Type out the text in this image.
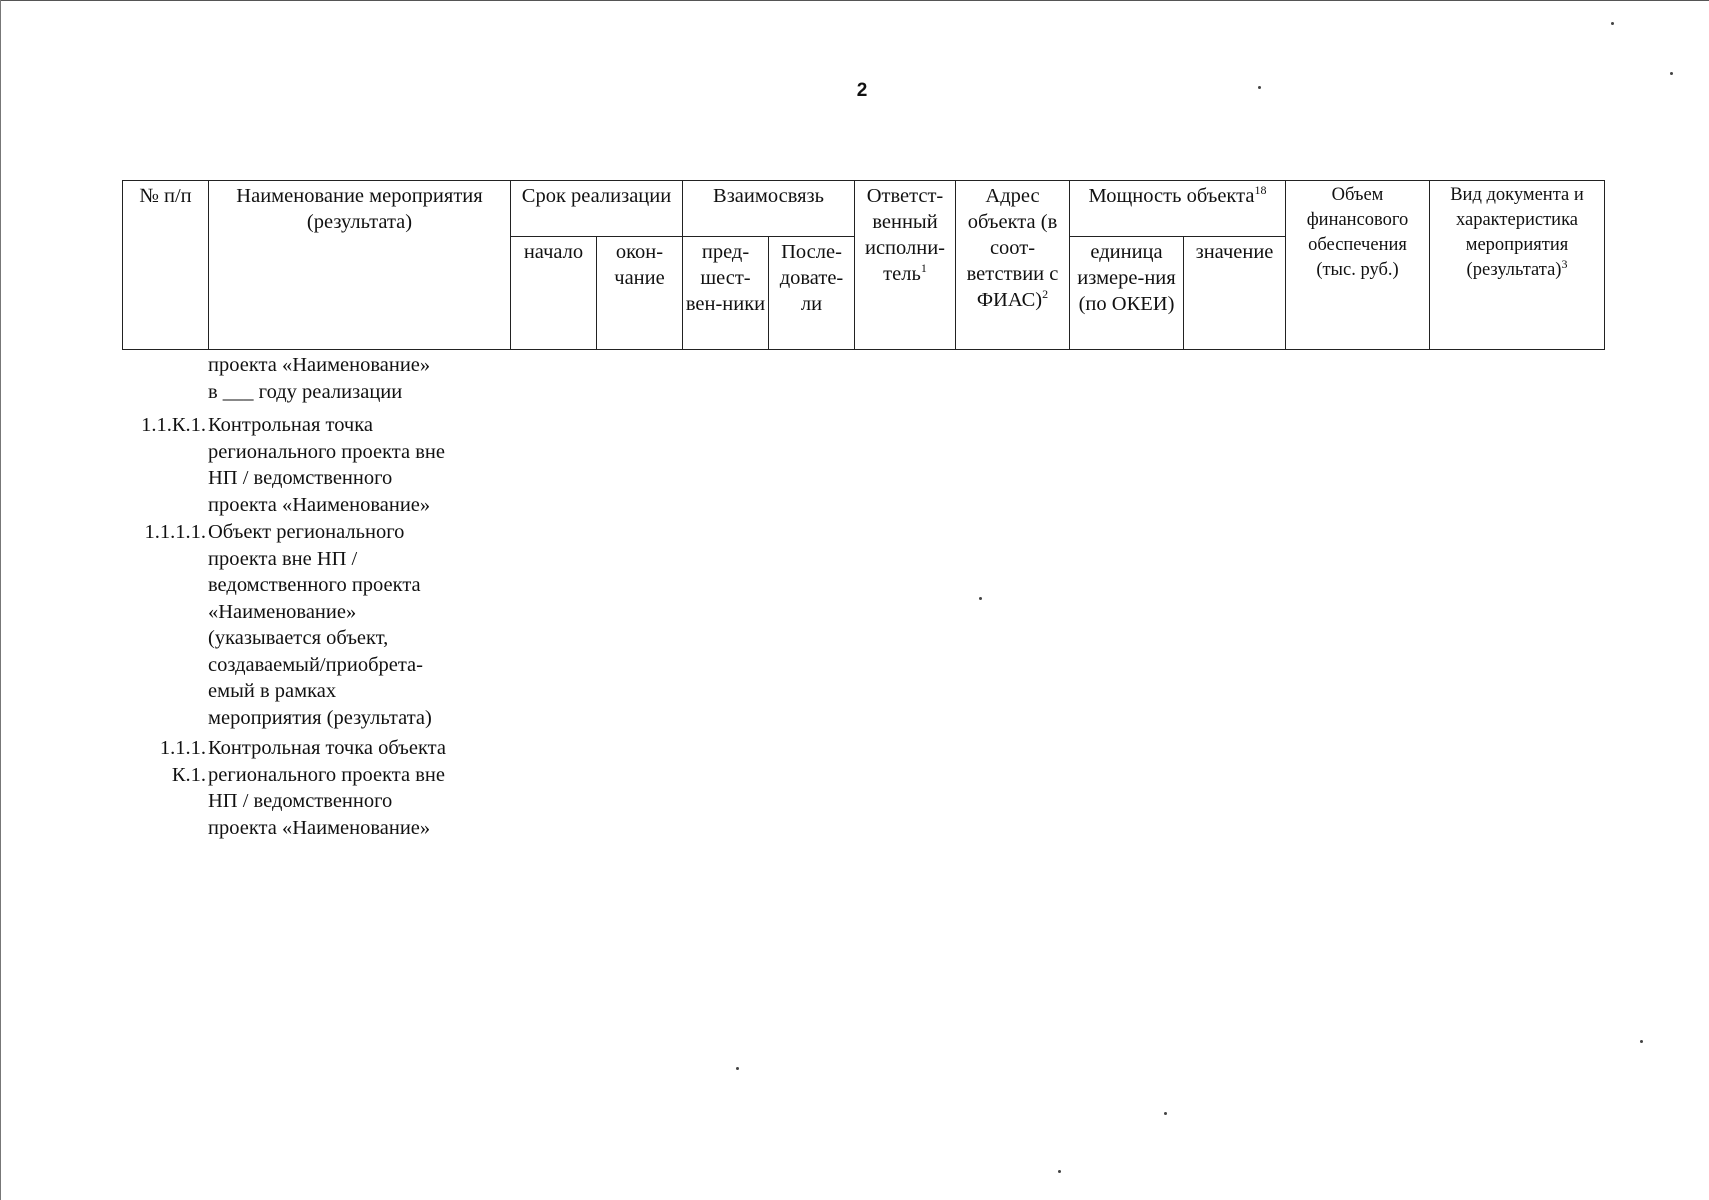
2
№ п/п	Наименование мероприятия (результата)	Срок реализации		Взаимосвязь		Ответст-венный исполни-тель$^1$	Адрес объекта (в соот-ветствии с ФИАС)$^2$	Мощность объекта$^{18}$		Объем финансового обеспечения (тыс. руб.)	Вид документа и характеристика мероприятия (результата)$^3$
		начало	окон-чание	пред-шест-вен-ники	После-довате-ли			единица измере-ния (по ОКЕИ)	значение		
проекта «Наименование»
в ___ году реализации
1.1.К.1. Контрольная точка
регионального проекта вне
НП / ведомственного
проекта «Наименование»
1.1.1.1. Объект регионального
проекта вне НП /
ведомственного проекта
«Наименование»
(указывается объект,
создаваемый/приобрета-
емый в рамках
мероприятия (результата)
1.1.1.
К.1.
Контрольная точка объекта
регионального проекта вне
НП / ведомственного
проекта «Наименование»
